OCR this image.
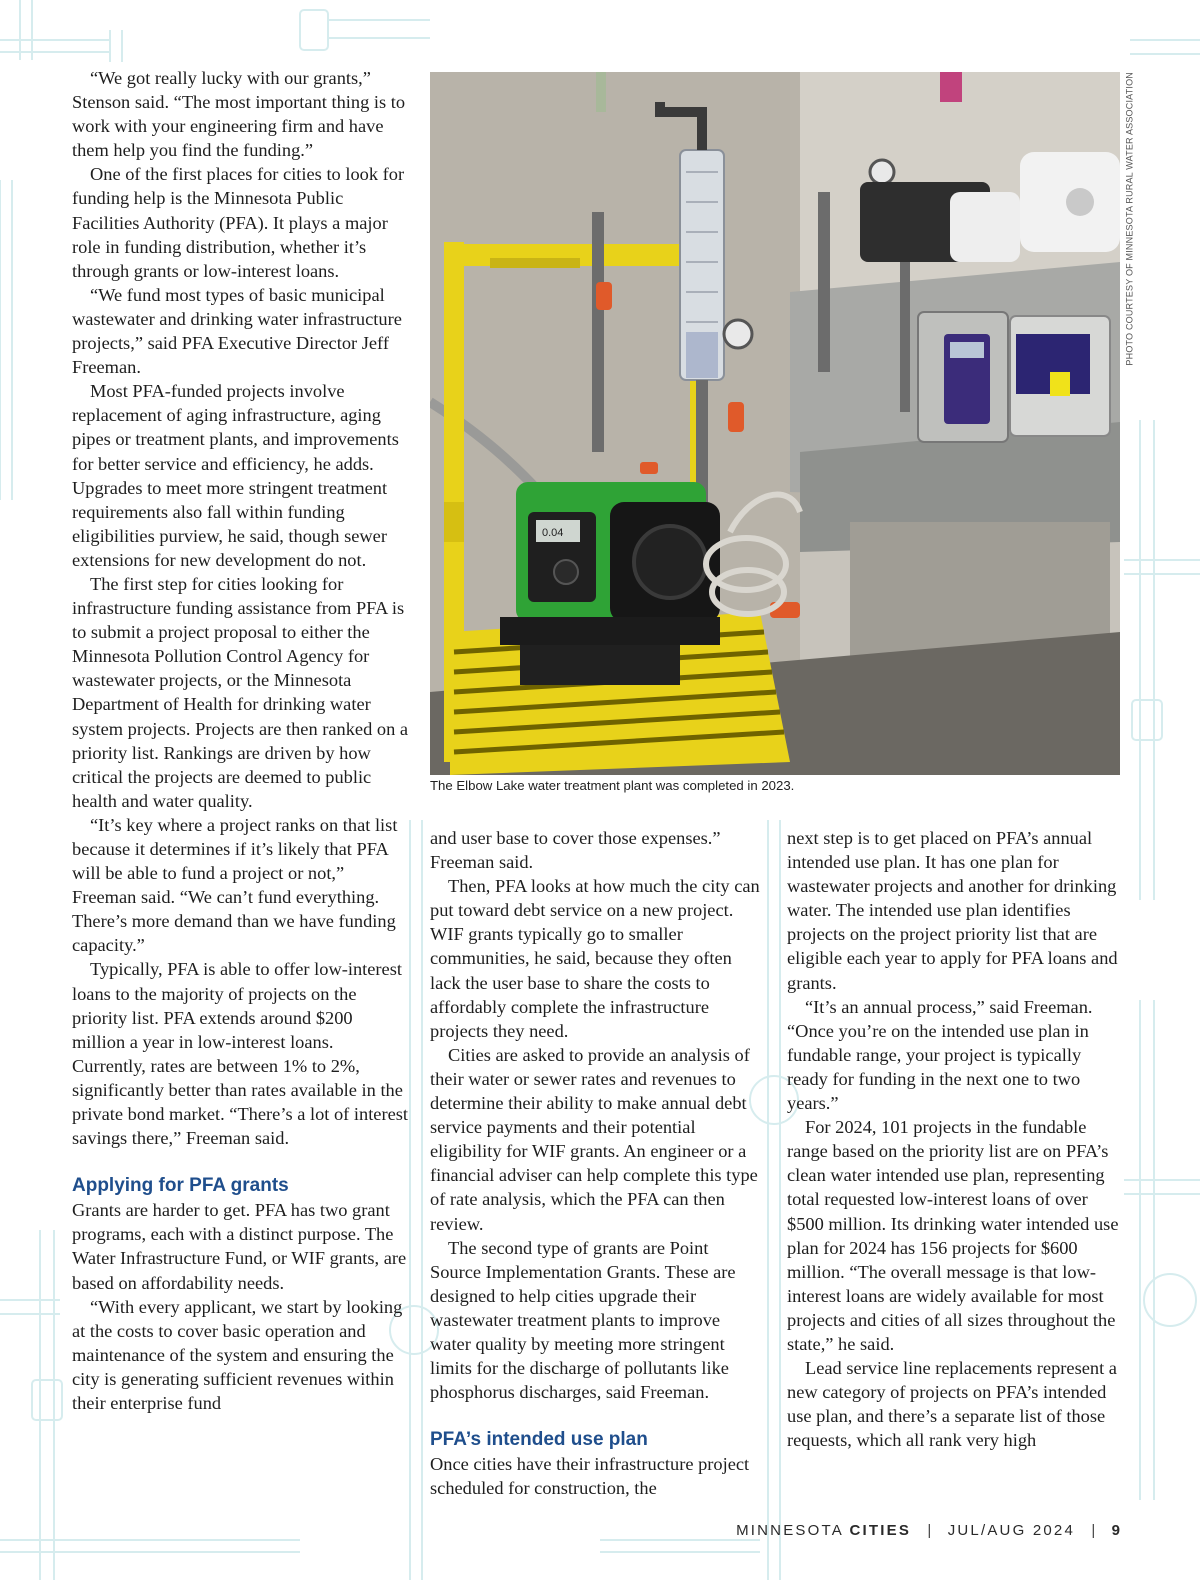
“We got really lucky with our grants,” Stenson said. “The most important thing is to work with your engineering firm and have them help you find the funding.”

One of the first places for cities to look for funding help is the Minnesota Public Facilities Authority (PFA). It plays a major role in funding distribution, whether it’s through grants or low-interest loans.

“We fund most types of basic municipal wastewater and drinking water infrastructure projects,” said PFA Executive Director Jeff Freeman.

Most PFA-funded projects involve replacement of aging infrastructure, aging pipes or treatment plants, and improvements for better service and efficiency, he adds. Upgrades to meet more stringent treatment requirements also fall within funding eligibilities purview, he said, though sewer extensions for new development do not.

The first step for cities looking for infrastructure funding assistance from PFA is to submit a project proposal to either the Minnesota Pollution Control Agency for wastewater projects, or the Minnesota Department of Health for drinking water system projects. Projects are then ranked on a priority list. Rankings are driven by how critical the projects are deemed to public health and water quality.

“It’s key where a project ranks on that list because it determines if it’s likely that PFA will be able to fund a project or not,” Freeman said. “We can’t fund everything. There’s more demand than we have funding capacity.”

Typically, PFA is able to offer low-interest loans to the majority of projects on the priority list. PFA extends around $200 million a year in low-interest loans. Currently, rates are between 1% to 2%, significantly better than rates available in the private bond market. “There’s a lot of interest savings there,” Freeman said.

Applying for PFA grants

Grants are harder to get. PFA has two grant programs, each with a distinct purpose. The Water Infrastructure Fund, or WIF grants, are based on affordability needs.

“With every applicant, we start by looking at the costs to cover basic operation and maintenance of the system and ensuring the city is generating sufficient revenues within their enterprise fund

0.04
The Elbow Lake water treatment plant was completed in 2023.
PHOTO COURTESY OF MINNESOTA RURAL WATER ASSOCIATION

and user base to cover those expenses.” Freeman said.

Then, PFA looks at how much the city can put toward debt service on a new project. WIF grants typically go to smaller communities, he said, because they often lack the user base to share the costs to affordably complete the infrastructure projects they need.

Cities are asked to provide an analysis of their water or sewer rates and revenues to determine their ability to make annual debt service payments and their potential eligibility for WIF grants. An engineer or a financial adviser can help complete this type of rate analysis, which the PFA can then review.

The second type of grants are Point Source Implementation Grants. These are designed to help cities upgrade their wastewater treatment plants to improve water quality by meeting more stringent limits for the discharge of pollutants like phosphorus discharges, said Freeman.

PFA’s intended use plan

Once cities have their infrastructure project scheduled for construction, the

next step is to get placed on PFA’s annual intended use plan. It has one plan for wastewater projects and another for drinking water. The intended use plan identifies projects on the project priority list that are eligible each year to apply for PFA loans and grants.

“It’s an annual process,” said Freeman. “Once you’re on the intended use plan in fundable range, your project is typically ready for funding in the next one to two years.”

For 2024, 101 projects in the fundable range based on the priority list are on PFA’s clean water intended use plan, representing total requested low-interest loans of over $500 million. Its drinking water intended use plan for 2024 has 156 projects for $600 million. “The overall message is that low-interest loans are widely available for most projects and cities of all sizes throughout the state,” he said.

Lead service line replacements represent a new category of projects on PFA’s intended use plan, and there’s a separate list of those requests, which all rank very high

MINNESOTA CITIES | JUL/AUG 2024 | 9
